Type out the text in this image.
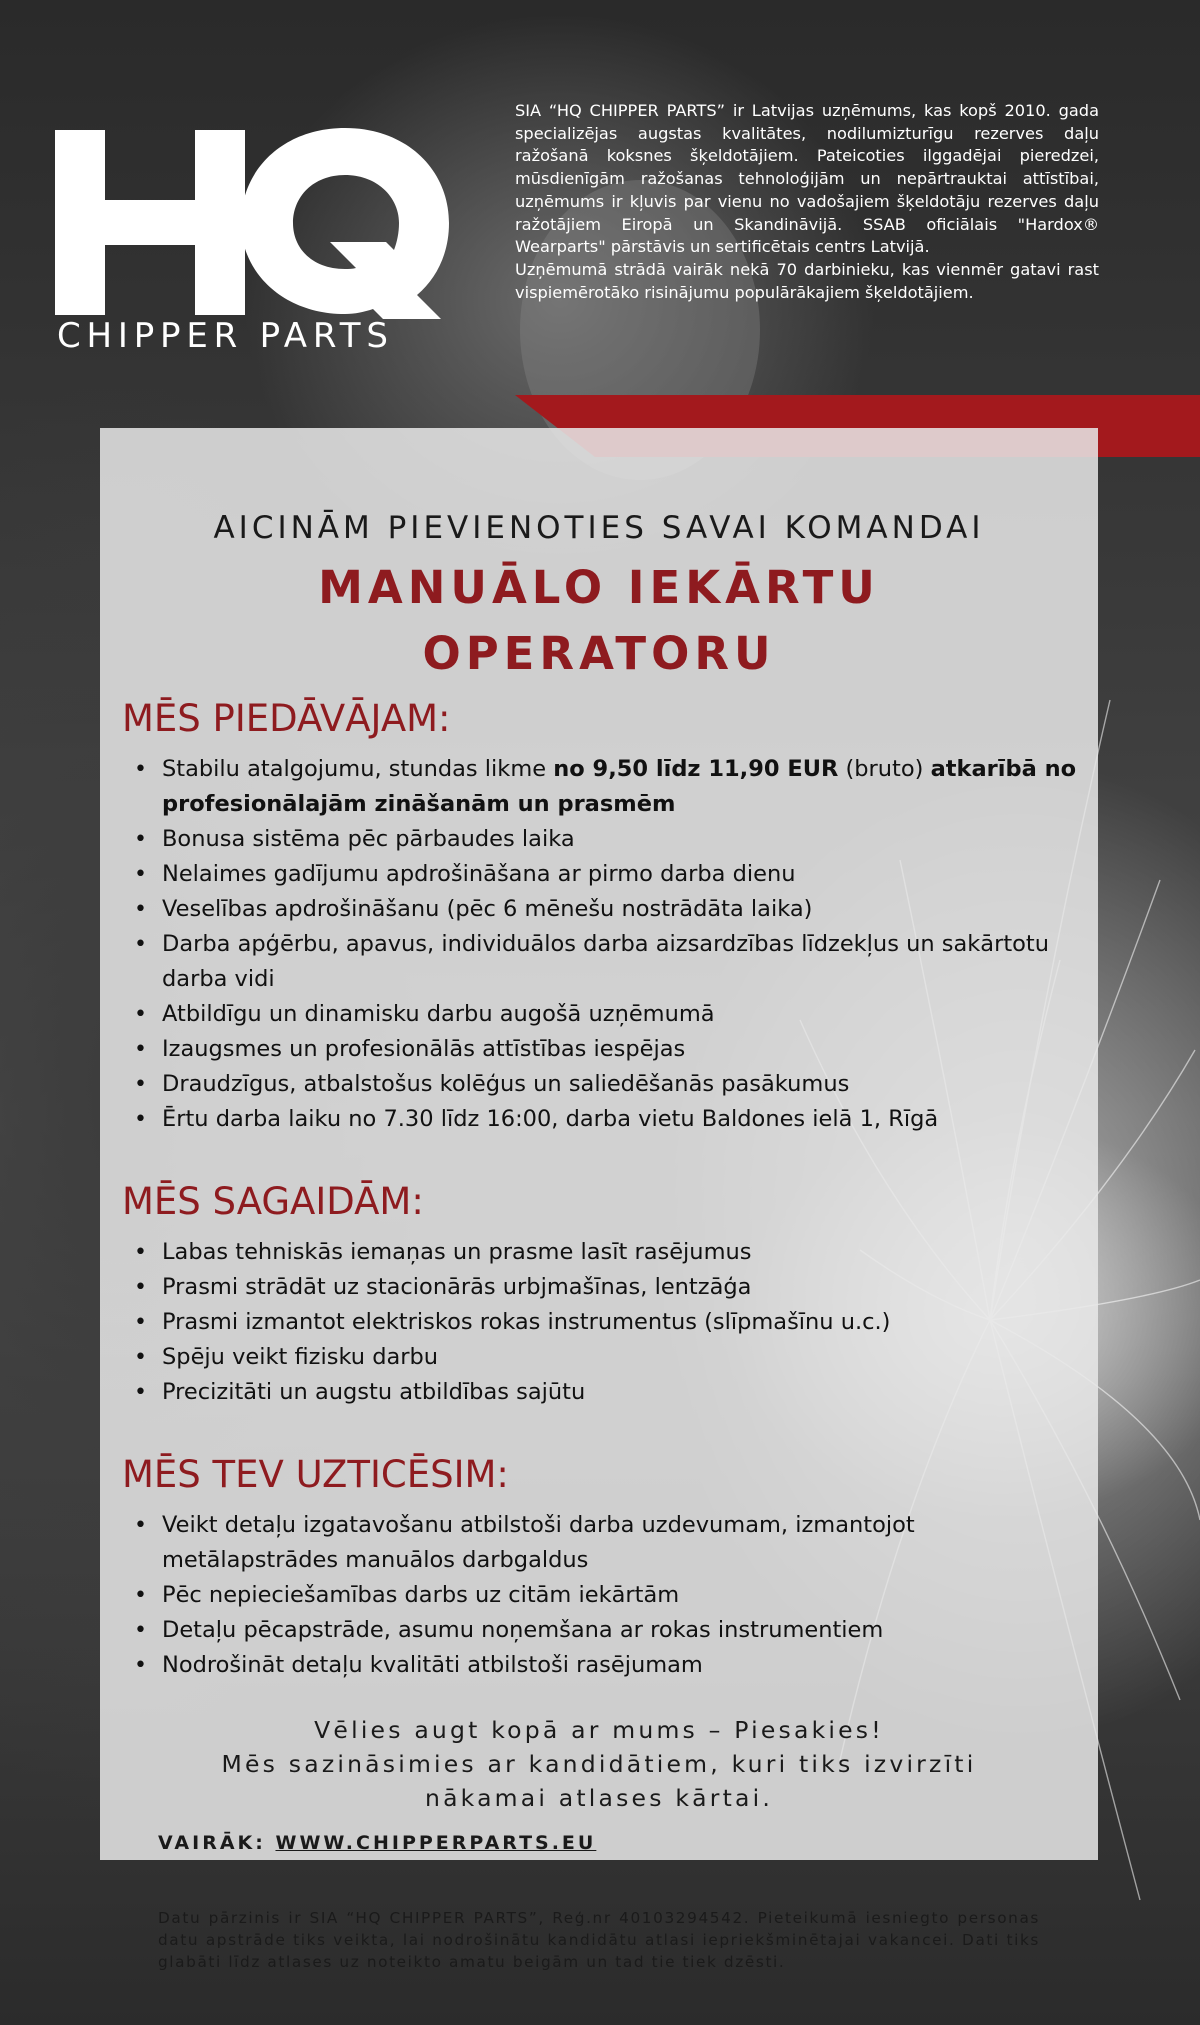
CHIPPER PARTS

SIA “HQ CHIPPER PARTS” ir Latvijas uzņēmums, kas kopš 2010. gada specializējas augstas kvalitātes, nodilumizturīgu rezerves daļu ražošanā koksnes šķeldotājiem. Pateicoties ilggadējai pieredzei, mūsdienīgām ražošanas tehnoloģijām un nepārtrauktai attīstībai, uzņēmums ir kļuvis par vienu no vadošajiem šķeldotāju rezerves daļu ražotājiem Eiropā un Skandināvijā. SSAB oficiālais "Hardox® Wearparts" pārstāvis un sertificētais centrs Latvijā.

Uzņēmumā strādā vairāk nekā 70 darbinieku, kas vienmēr gatavi rast vispiemērotāko risinājumu populārākajiem šķeldotājiem.

AICINĀM PIEVIENOTIES SAVAI KOMANDAI
MANUĀLO IEKĀRTU
OPERATORU
MĒS PIEDĀVĀJAM:
• Stabilu atalgojumu, stundas likme no 9,50 līdz 11,90 EUR (bruto) atkarībā no profesionālajām zināšanām un prasmēm
• Bonusa sistēma pēc pārbaudes laika
• Nelaimes gadījumu apdrošināšana ar pirmo darba dienu
• Veselības apdrošināšanu (pēc 6 mēnešu nostrādāta laika)
• Darba apģērbu, apavus, individuālos darba aizsardzības līdzekļus un sakārtotu darba vidi
• Atbildīgu un dinamisku darbu augošā uzņēmumā
• Izaugsmes un profesionālās attīstības iespējas
• Draudzīgus, atbalstošus kolēģus un saliedēšanās pasākumus
• Ērtu darba laiku no 7.30 līdz 16:00, darba vietu Baldones ielā 1, Rīgā
MĒS SAGAIDĀM:
• Labas tehniskās iemaņas un prasme lasīt rasējumus
• Prasmi strādāt uz stacionārās urbjmašīnas, lentzāģa
• Prasmi izmantot elektriskos rokas instrumentus (slīpmašīnu u.c.)
• Spēju veikt fizisku darbu
• Precizitāti un augstu atbildības sajūtu
MĒS TEV UZTICĒSIM:
• Veikt detaļu izgatavošanu atbilstoši darba uzdevumam, izmantojot metālapstrādes manuālos darbgaldus
• Pēc nepieciešamības darbs uz citām iekārtām
• Detaļu pēcapstrāde, asumu noņemšana ar rokas instrumentiem
• Nodrošināt detaļu kvalitāti atbilstoši rasējumam
Vēlies augt kopā ar mums – Piesakies!
Mēs sazināsimies ar kandidātiem, kuri tiks izvirzīti
nākamai atlases kārtai.
VAIRĀK: WWW.CHIPPERPARTS.EU
Datu pārzinis ir SIA “HQ CHIPPER PARTS”, Reģ.nr 40103294542. Pieteikumā iesniegto personas datu apstrāde tiks veikta, lai nodrošinātu kandidātu atlasi iepriekšminētajai vakancei. Dati tiks glabāti līdz atlases uz noteikto amatu beigām un tad tie tiek dzēsti.
